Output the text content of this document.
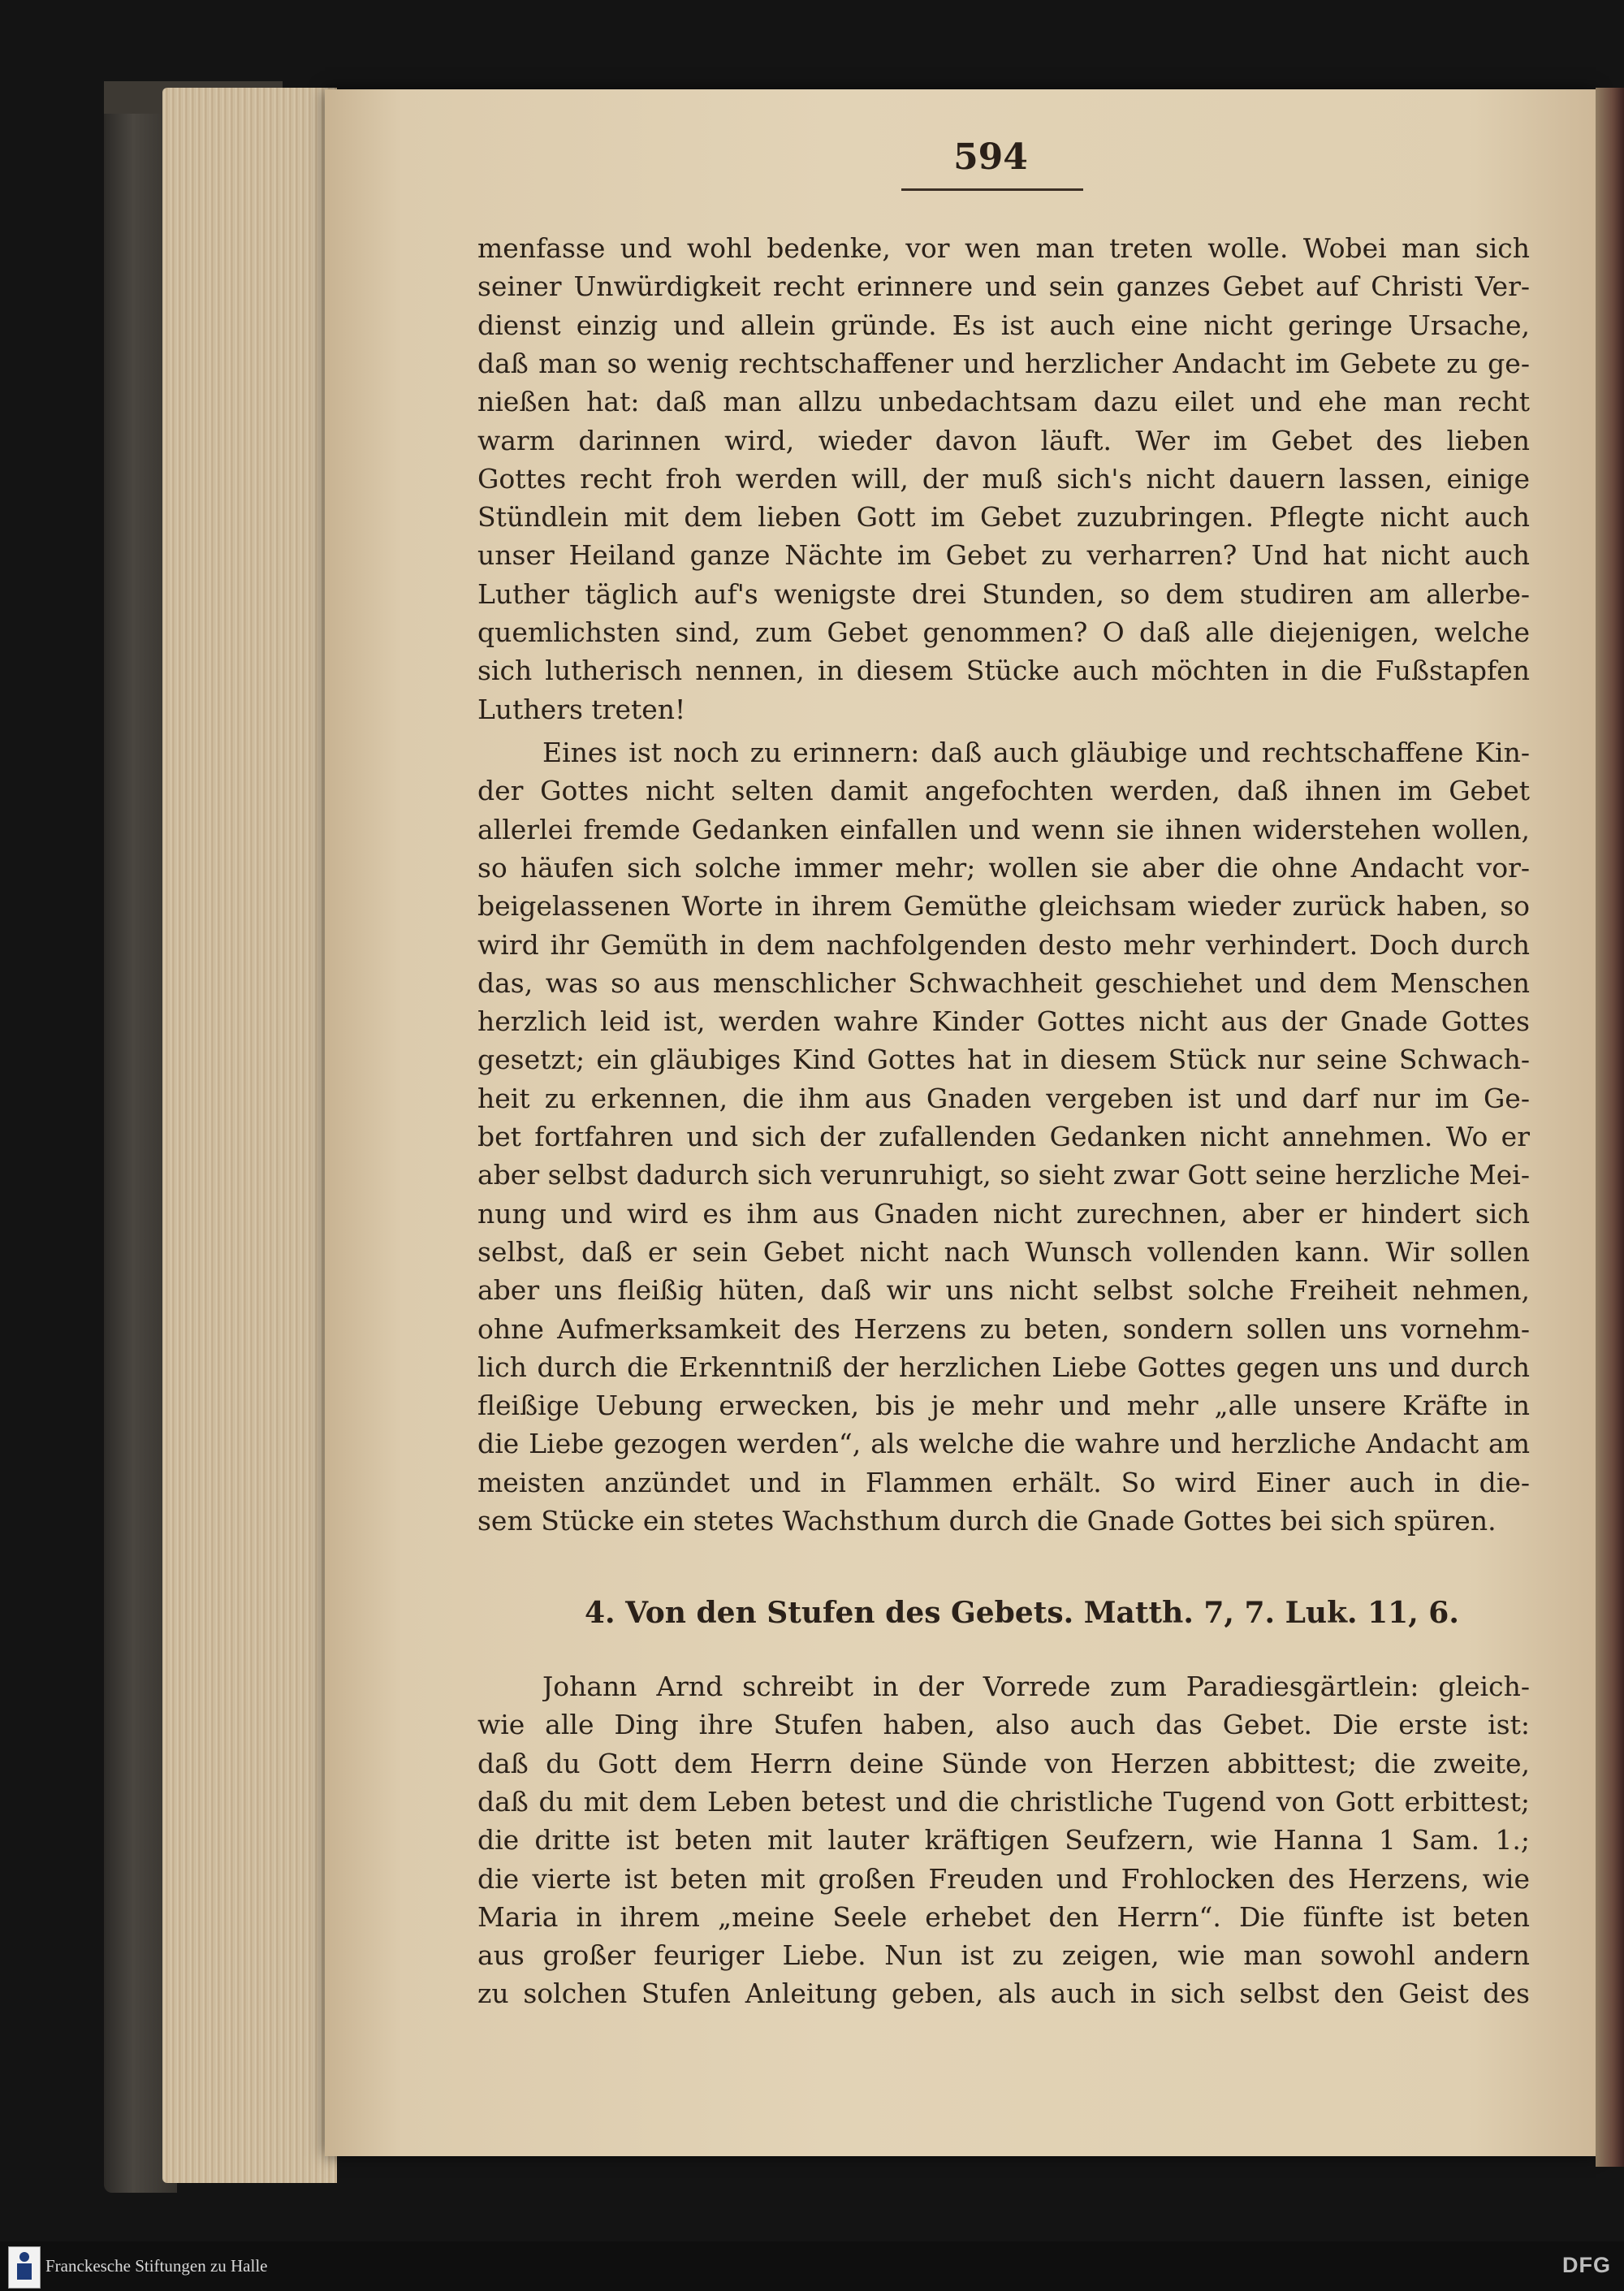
594
menfasse und wohl bedenke, vor wen man treten wolle. Wobei man sich
seiner Unwürdigkeit recht erinnere und sein ganzes Gebet auf Christi Ver-
dienst einzig und allein gründe. Es ist auch eine nicht geringe Ursache,
daß man so wenig rechtschaffener und herzlicher Andacht im Gebete zu ge-
nießen hat: daß man allzu unbedachtsam dazu eilet und ehe man recht
warm darinnen wird, wieder davon läuft. Wer im Gebet des lieben
Gottes recht froh werden will, der muß sich's nicht dauern lassen, einige
Stündlein mit dem lieben Gott im Gebet zuzubringen. Pflegte nicht auch
unser Heiland ganze Nächte im Gebet zu verharren? Und hat nicht auch
Luther täglich auf's wenigste drei Stunden, so dem studiren am allerbe-
quemlichsten sind, zum Gebet genommen? O daß alle diejenigen, welche
sich lutherisch nennen, in diesem Stücke auch möchten in die Fußstapfen
Luthers treten!
Eines ist noch zu erinnern: daß auch gläubige und rechtschaffene Kin-
der Gottes nicht selten damit angefochten werden, daß ihnen im Gebet
allerlei fremde Gedanken einfallen und wenn sie ihnen widerstehen wollen,
so häufen sich solche immer mehr; wollen sie aber die ohne Andacht vor-
beigelassenen Worte in ihrem Gemüthe gleichsam wieder zurück haben, so
wird ihr Gemüth in dem nachfolgenden desto mehr verhindert. Doch durch
das, was so aus menschlicher Schwachheit geschiehet und dem Menschen
herzlich leid ist, werden wahre Kinder Gottes nicht aus der Gnade Gottes
gesetzt; ein gläubiges Kind Gottes hat in diesem Stück nur seine Schwach-
heit zu erkennen, die ihm aus Gnaden vergeben ist und darf nur im Ge-
bet fortfahren und sich der zufallenden Gedanken nicht annehmen. Wo er
aber selbst dadurch sich verunruhigt, so sieht zwar Gott seine herzliche Mei-
nung und wird es ihm aus Gnaden nicht zurechnen, aber er hindert sich
selbst, daß er sein Gebet nicht nach Wunsch vollenden kann. Wir sollen
aber uns fleißig hüten, daß wir uns nicht selbst solche Freiheit nehmen,
ohne Aufmerksamkeit des Herzens zu beten, sondern sollen uns vornehm-
lich durch die Erkenntniß der herzlichen Liebe Gottes gegen uns und durch
fleißige Uebung erwecken, bis je mehr und mehr „alle unsere Kräfte in
die Liebe gezogen werden“, als welche die wahre und herzliche Andacht am
meisten anzündet und in Flammen erhält. So wird Einer auch in die-
sem Stücke ein stetes Wachsthum durch die Gnade Gottes bei sich spüren.
4. Von den Stufen des Gebets. Matth. 7, 7. Luk. 11, 6.
Johann Arnd schreibt in der Vorrede zum Paradiesgärtlein: gleich-
wie alle Ding ihre Stufen haben, also auch das Gebet. Die erste ist:
daß du Gott dem Herrn deine Sünde von Herzen abbittest; die zweite,
daß du mit dem Leben betest und die christliche Tugend von Gott erbittest;
die dritte ist beten mit lauter kräftigen Seufzern, wie Hanna 1 Sam. 1.;
die vierte ist beten mit großen Freuden und Frohlocken des Herzens, wie
Maria in ihrem „meine Seele erhebet den Herrn“. Die fünfte ist beten
aus großer feuriger Liebe. Nun ist zu zeigen, wie man sowohl andern
zu solchen Stufen Anleitung geben, als auch in sich selbst den Geist des
Franckesche Stiftungen zu Halle	DFG
